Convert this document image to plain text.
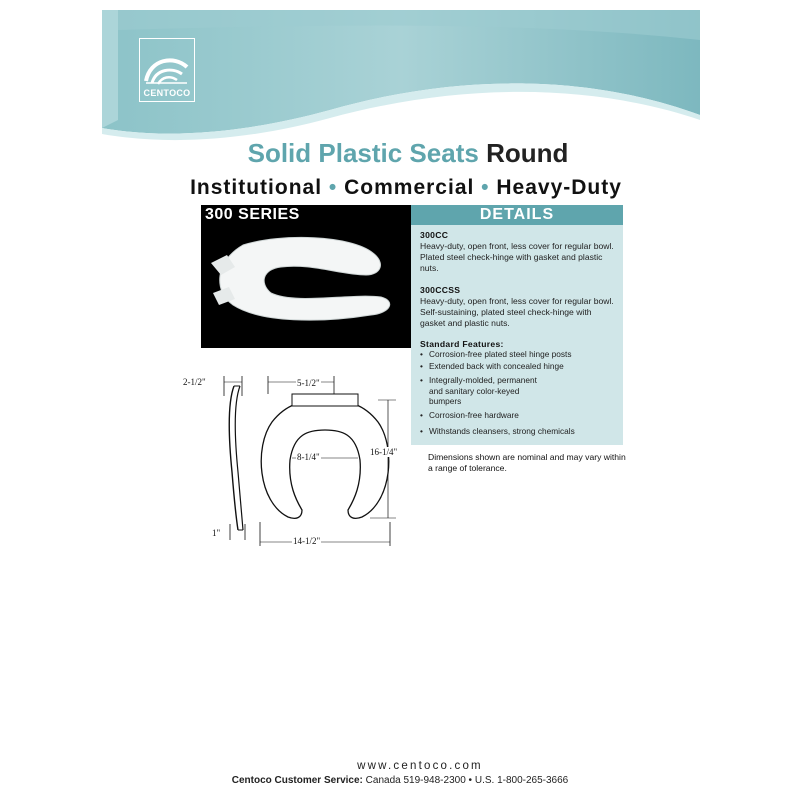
CENTOCO
Solid Plastic Seats Round
Institutional • Commercial • Heavy-Duty
300 SERIES	DETAILS
300CC
Heavy-duty, open front, less cover for regular bowl. Plated steel check-hinge with gasket and plastic nuts.
300CCSS
Heavy-duty, open front, less cover for regular bowl. Self-sustaining, plated steel check-hinge with gasket and plastic nuts.
Standard Features:
• Corrosion-free plated steel hinge posts
• Extended back with concealed hinge
• Integrally-molded, permanent and sanitary color-keyed bumpers
• Corrosion-free hardware
• Withstands cleansers, strong chemicals
Dimensions shown are nominal and may vary within a range of tolerance.
2-1/2"
1"
5-1/2"
8-1/4"	16-1/4"
14-1/2"
www.centoco.com
Centoco Customer Service: Canada 519-948-2300 • U.S. 1-800-265-3666
